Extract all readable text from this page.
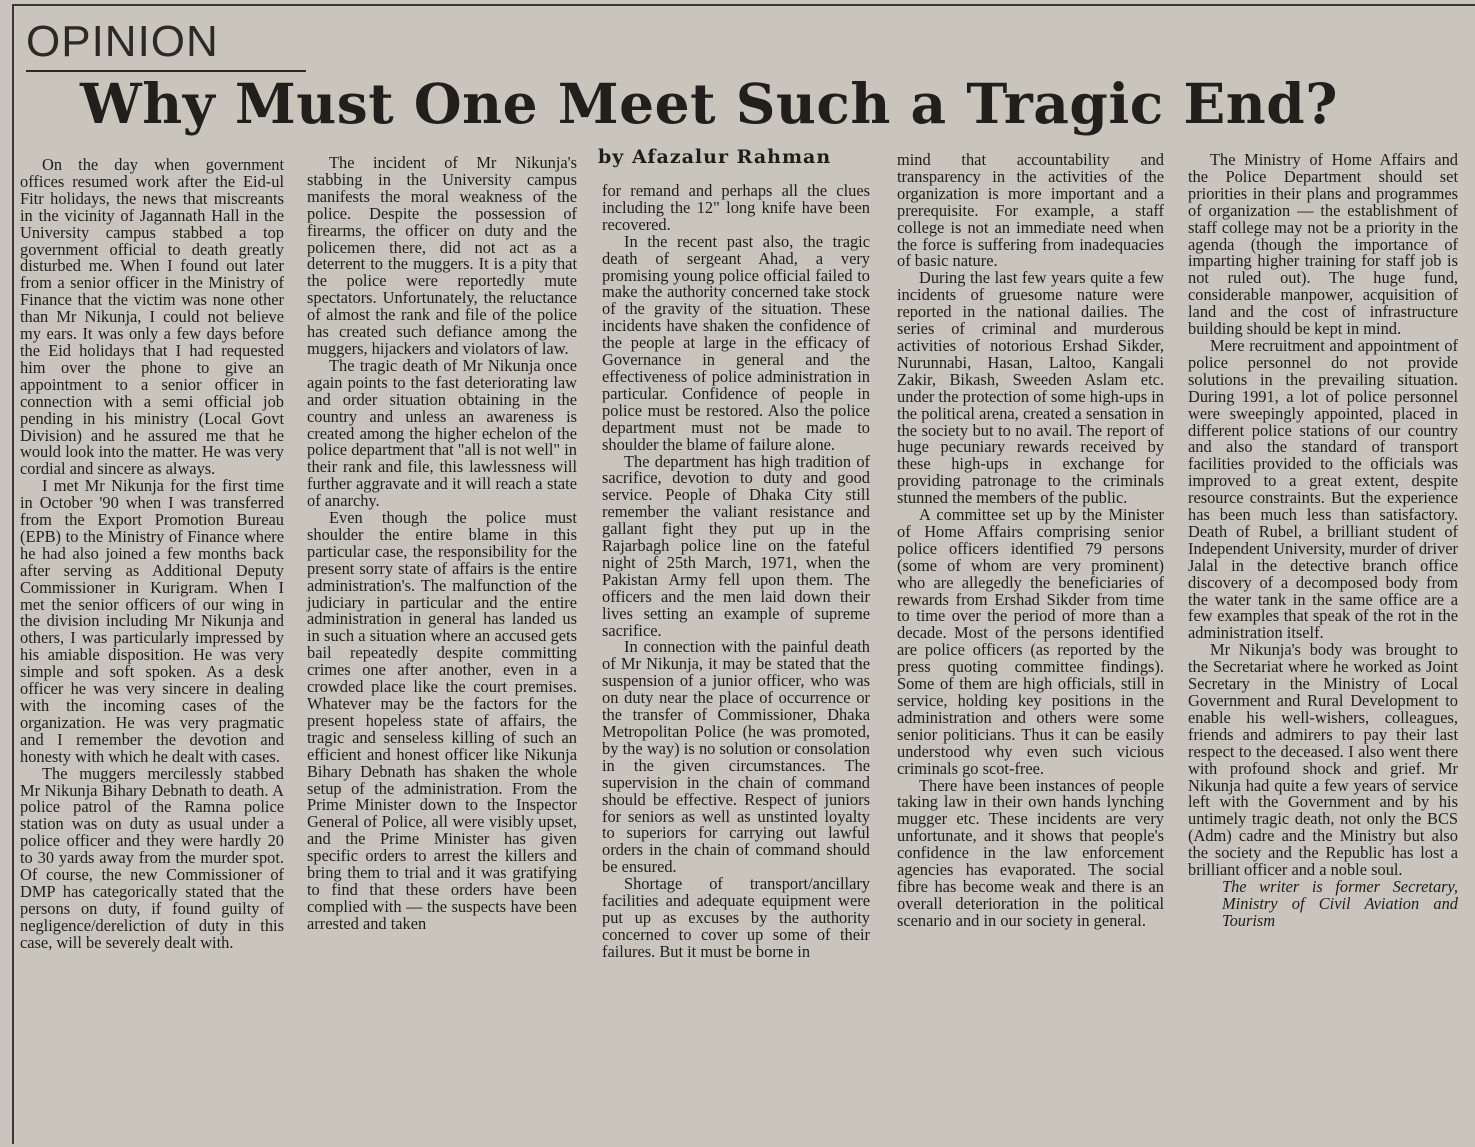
OPINION
Why Must One Meet Such a Tragic End?
by Afazalur Rahman

On the day when government offices resumed work after the Eid-ul Fitr holidays, the news that miscreants in the vicinity of Jagannath Hall in the University campus stabbed a top government official to death greatly disturbed me. When I found out later from a senior officer in the Ministry of Finance that the victim was none other than Mr Nikunja, I could not believe my ears. It was only a few days before the Eid holidays that I had requested him over the phone to give an appointment to a senior officer in connection with a semi official job pending in his ministry (Local Govt Division) and he assured me that he would look into the matter. He was very cordial and sincere as always.

I met Mr Nikunja for the first time in October '90 when I was transferred from the Export Promotion Bureau (EPB) to the Ministry of Finance where he had also joined a few months back after serving as Additional Deputy Commissioner in Kurigram. When I met the senior officers of our wing in the division including Mr Nikunja and others, I was particularly impressed by his amiable disposition. He was very simple and soft spoken. As a desk officer he was very sincere in dealing with the incoming cases of the organization. He was very pragmatic and I remember the devotion and honesty with which he dealt with cases.

The muggers mercilessly stabbed Mr Nikunja Bihary Debnath to death. A police patrol of the Ramna police station was on duty as usual under a police officer and they were hardly 20 to 30 yards away from the murder spot. Of course, the new Commissioner of DMP has categorically stated that the persons on duty, if found guilty of negligence/dereliction of duty in this case, will be severely dealt with.

The incident of Mr Nikunja's stabbing in the University campus manifests the moral weakness of the police. Despite the possession of firearms, the officer on duty and the policemen there, did not act as a deterrent to the muggers. It is a pity that the police were reportedly mute spectators. Unfortunately, the reluctance of almost the rank and file of the police has created such defiance among the muggers, hijackers and violators of law.

The tragic death of Mr Nikunja once again points to the fast deteriorating law and order situation obtaining in the country and unless an awareness is created among the higher echelon of the police department that "all is not well" in their rank and file, this lawlessness will further aggravate and it will reach a state of anarchy.

Even though the police must shoulder the entire blame in this particular case, the responsibility for the present sorry state of affairs is the entire administration's. The malfunction of the judiciary in particular and the entire administration in general has landed us in such a situation where an accused gets bail repeatedly despite committing crimes one after another, even in a crowded place like the court premises. Whatever may be the factors for the present hopeless state of affairs, the tragic and senseless killing of such an efficient and honest officer like Nikunja Bihary Debnath has shaken the whole setup of the administration. From the Prime Minister down to the Inspector General of Police, all were visibly upset, and the Prime Minister has given specific orders to arrest the killers and bring them to trial and it was gratifying to find that these orders have been complied with — the suspects have been arrested and taken

for remand and perhaps all the clues including the 12" long knife have been recovered.

In the recent past also, the tragic death of sergeant Ahad, a very promising young police official failed to make the authority concerned take stock of the gravity of the situation. These incidents have shaken the confidence of the people at large in the efficacy of Governance in general and the effectiveness of police administration in particular. Confidence of people in police must be restored. Also the police department must not be made to shoulder the blame of failure alone.

The department has high tradition of sacrifice, devotion to duty and good service. People of Dhaka City still remember the valiant resistance and gallant fight they put up in the Rajarbagh police line on the fateful night of 25th March, 1971, when the Pakistan Army fell upon them. The officers and the men laid down their lives setting an example of supreme sacrifice.

In connection with the painful death of Mr Nikunja, it may be stated that the suspension of a junior officer, who was on duty near the place of occurrence or the transfer of Commissioner, Dhaka Metropolitan Police (he was promoted, by the way) is no solution or consolation in the given circumstances. The supervision in the chain of command should be effective. Respect of juniors for seniors as well as unstinted loyalty to superiors for carrying out lawful orders in the chain of command should be ensured.

Shortage of transport/ancillary facilities and adequate equipment were put up as excuses by the authority concerned to cover up some of their failures. But it must be borne in

mind that accountability and transparency in the activities of the organization is more important and a prerequisite. For example, a staff college is not an immediate need when the force is suffering from inadequacies of basic nature.

During the last few years quite a few incidents of gruesome nature were reported in the national dailies. The series of criminal and murderous activities of notorious Ershad Sikder, Nurunnabi, Hasan, Laltoo, Kangali Zakir, Bikash, Sweeden Aslam etc. under the protection of some high-ups in the political arena, created a sensation in the society but to no avail. The report of huge pecuniary rewards received by these high-ups in exchange for providing patronage to the criminals stunned the members of the public.

A committee set up by the Minister of Home Affairs comprising senior police officers identified 79 persons (some of whom are very prominent) who are allegedly the beneficiaries of rewards from Ershad Sikder from time to time over the period of more than a decade. Most of the persons identified are police officers (as reported by the press quoting committee findings). Some of them are high officials, still in service, holding key positions in the administration and others were some senior politicians. Thus it can be easily understood why even such vicious criminals go scot-free.

There have been instances of people taking law in their own hands lynching mugger etc. These incidents are very unfortunate, and it shows that people's confidence in the law enforcement agencies has evaporated. The social fibre has become weak and there is an overall deterioration in the political scenario and in our society in general.

The Ministry of Home Affairs and the Police Department should set priorities in their plans and programmes of organization — the establishment of staff college may not be a priority in the agenda (though the importance of imparting higher training for staff job is not ruled out). The huge fund, considerable manpower, acquisition of land and the cost of infrastructure building should be kept in mind.

Mere recruitment and appointment of police personnel do not provide solutions in the prevailing situation. During 1991, a lot of police personnel were sweepingly appointed, placed in different police stations of our country and also the standard of transport facilities provided to the officials was improved to a great extent, despite resource constraints. But the experience has been much less than satisfactory. Death of Rubel, a brilliant student of Independent University, murder of driver Jalal in the detective branch office discovery of a decomposed body from the water tank in the same office are a few examples that speak of the rot in the administration itself.

Mr Nikunja's body was brought to the Secretariat where he worked as Joint Secretary in the Ministry of Local Government and Rural Development to enable his well-wishers, colleagues, friends and admirers to pay their last respect to the deceased. I also went there with profound shock and grief. Mr Nikunja had quite a few years of service left with the Government and by his untimely tragic death, not only the BCS (Adm) cadre and the Ministry but also the society and the Republic has lost a brilliant officer and a noble soul.

The writer is former Secretary, Ministry of Civil Aviation and Tourism
